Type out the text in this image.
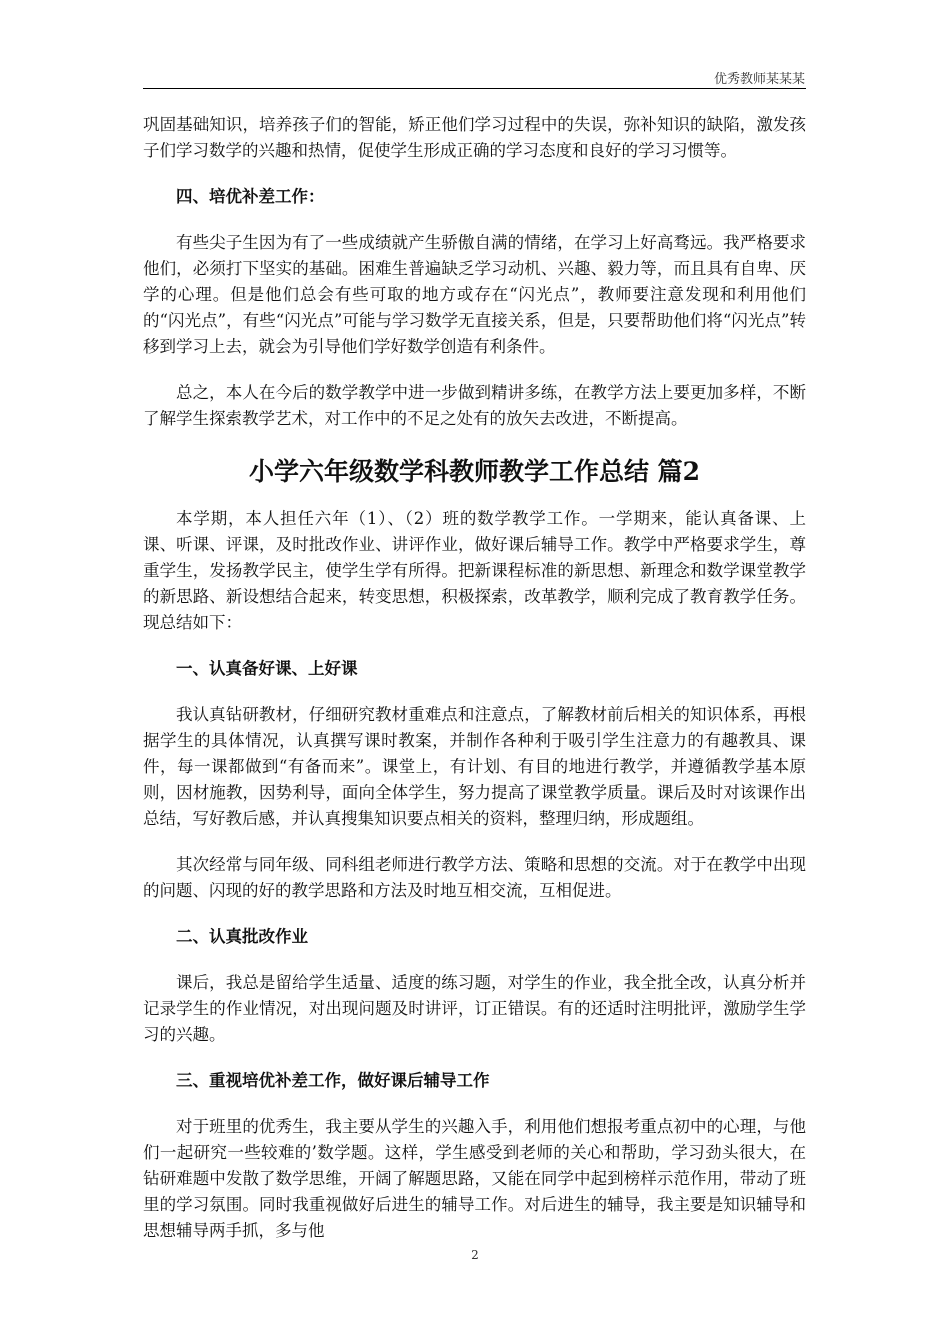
优秀教师某某某

巩固基础知识，培养孩子们的智能，矫正他们学习过程中的失误，弥补知识的缺陷，激发孩子们学习数学的兴趣和热情，促使学生形成正确的学习态度和良好的学习习惯等。

四、培优补差工作：

有些尖子生因为有了一些成绩就产生骄傲自满的情绪，在学习上好高骛远。我严格要求他们，必须打下坚实的基础。困难生普遍缺乏学习动机、兴趣、毅力等，而且具有自卑、厌学的心理。但是他们总会有些可取的地方或存在“闪光点”，教师要注意发现和利用他们的“闪光点”，有些“闪光点”可能与学习数学无直接关系，但是，只要帮助他们将“闪光点”转移到学习上去，就会为引导他们学好数学创造有利条件。

总之，本人在今后的数学教学中进一步做到精讲多练，在教学方法上要更加多样，不断了解学生探索教学艺术，对工作中的不足之处有的放矢去改进，不断提高。

小学六年级数学科教师教学工作总结 篇2

本学期，本人担任六年（1）、（2）班的数学教学工作。一学期来，能认真备课、上课、听课、评课，及时批改作业、讲评作业，做好课后辅导工作。教学中严格要求学生，尊重学生，发扬教学民主，使学生学有所得。把新课程标准的新思想、新理念和数学课堂教学的新思路、新设想结合起来，转变思想，积极探索，改革教学，顺利完成了教育教学任务。现总结如下：

一、认真备好课、上好课

我认真钻研教材，仔细研究教材重难点和注意点，了解教材前后相关的知识体系，再根据学生的具体情况，认真撰写课时教案，并制作各种利于吸引学生注意力的有趣教具、课件，每一课都做到“有备而来”。课堂上，有计划、有目的地进行教学，并遵循教学基本原则，因材施教，因势利导，面向全体学生，努力提高了课堂教学质量。课后及时对该课作出总结，写好教后感，并认真搜集知识要点相关的资料，整理归纳，形成题组。

其次经常与同年级、同科组老师进行教学方法、策略和思想的交流。对于在教学中出现的问题、闪现的好的教学思路和方法及时地互相交流，互相促进。

二、认真批改作业

课后，我总是留给学生适量、适度的练习题，对学生的作业，我全批全改，认真分析并记录学生的作业情况，对出现问题及时讲评，订正错误。有的还适时注明批评，激励学生学习的兴趣。

三、重视培优补差工作，做好课后辅导工作

对于班里的优秀生，我主要从学生的兴趣入手，利用他们想报考重点初中的心理，与他们一起研究一些较难的’数学题。这样，学生感受到老师的关心和帮助，学习劲头很大，在钻研难题中发散了数学思维，开阔了解题思路，又能在同学中起到榜样示范作用，带动了班里的学习氛围。同时我重视做好后进生的辅导工作。对后进生的辅导，我主要是知识辅导和思想辅导两手抓，多与他

2
